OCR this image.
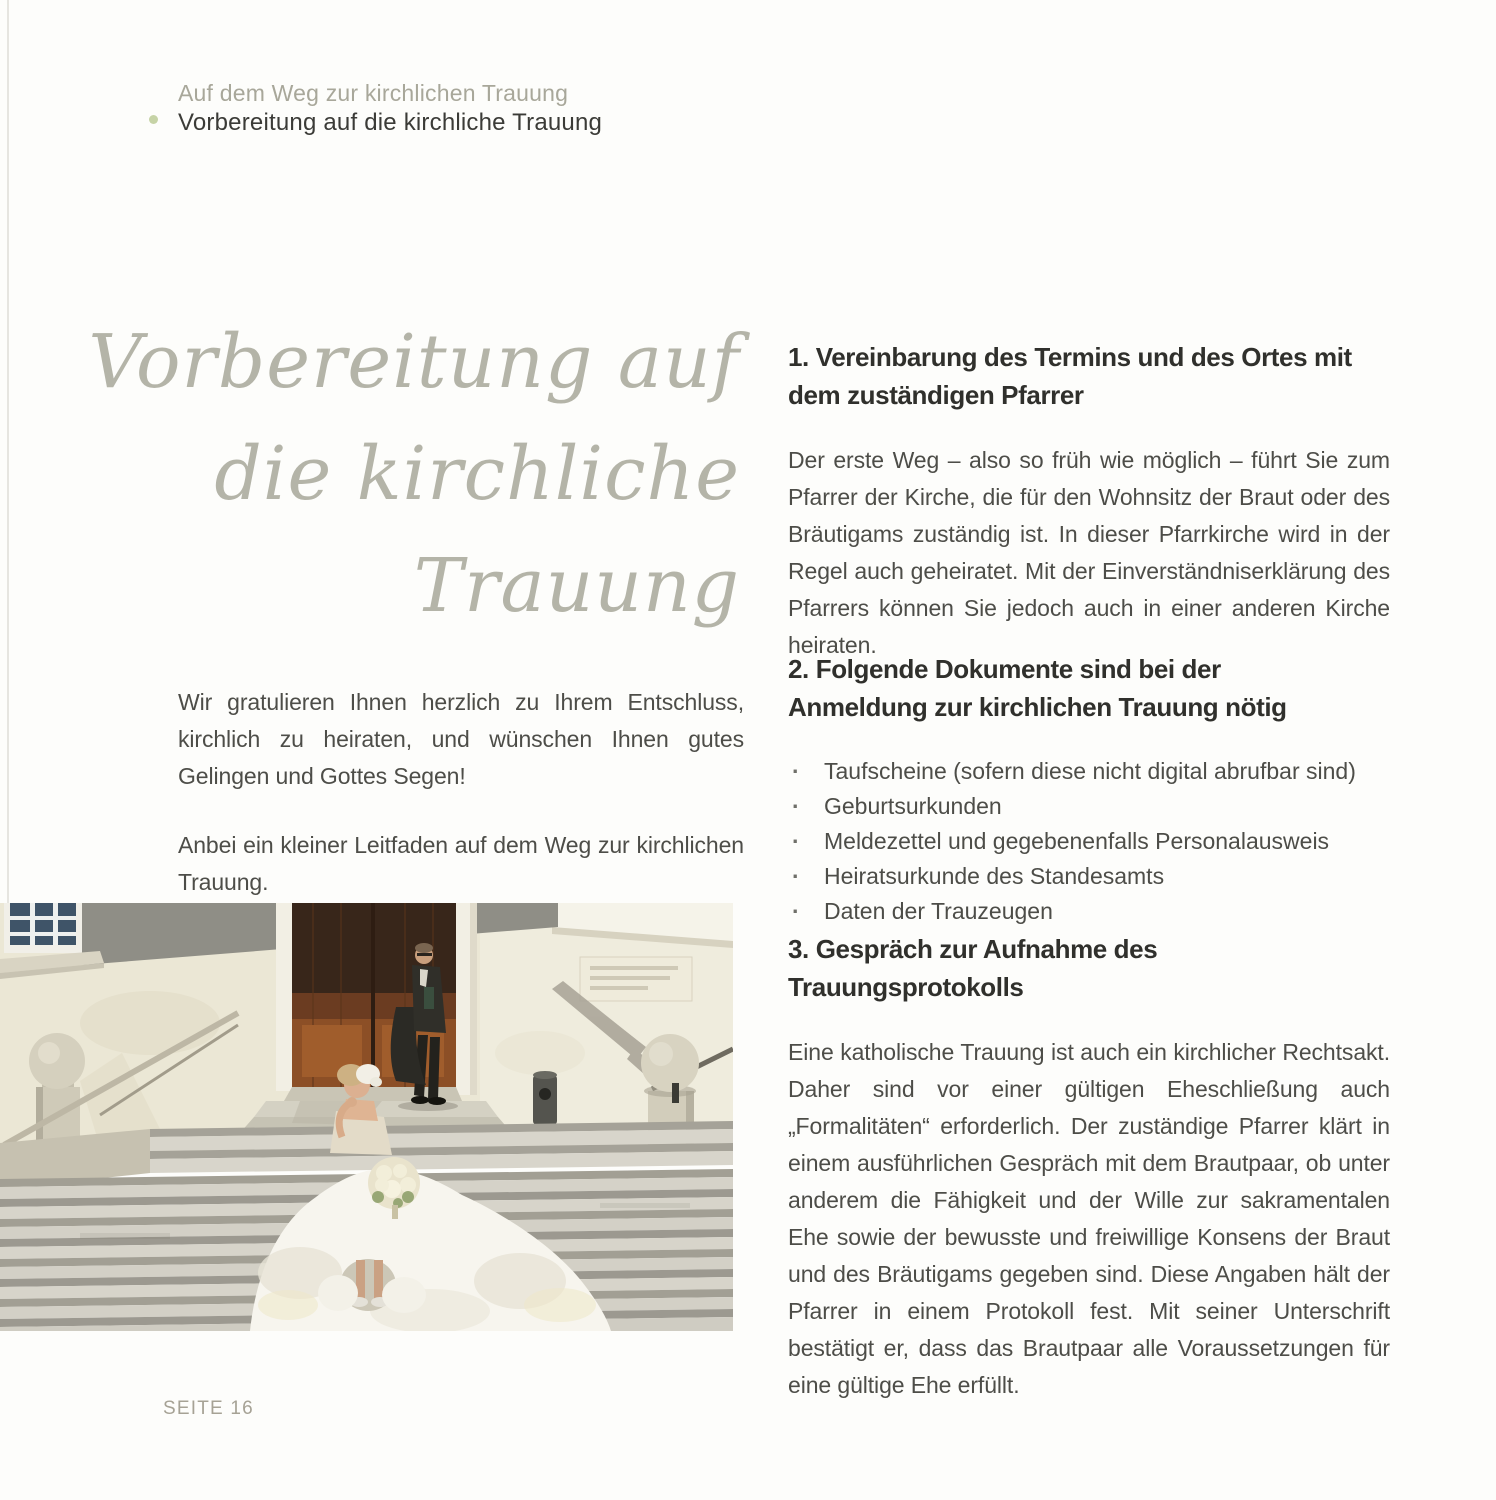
Auf dem Weg zur kirchlichen Trauung
Vorbereitung auf die kirchliche Trauung
Vorbereitung auf
die kirchliche
Trauung

Wir gratulieren Ihnen herzlich zu Ihrem Entschluss, kirchlich zu heiraten, und wünschen Ihnen gutes Gelingen und Gottes Segen!

Anbei ein kleiner Leitfaden auf dem Weg zur kirchlichen Trauung.

1. Vereinbarung des Termins und des Ortes mit
dem zuständigen Pfarrer

Der erste Weg – also so früh wie möglich – führt Sie zum Pfarrer der Kirche, die für den Wohnsitz der Braut oder des Bräutigams zuständig ist. In dieser Pfarrkirche wird in der Regel auch geheiratet. Mit der Einverständniserklärung des Pfarrers können Sie jedoch auch in einer anderen Kirche heiraten.

2. Folgende Dokumente sind bei der
Anmeldung zur kirchlichen Trauung nötig
· Taufscheine (sofern diese nicht digital abrufbar sind)
· Geburtsurkunden
· Meldezettel und gegebenenfalls Personalausweis
· Heiratsurkunde des Standesamts
· Daten der Trauzeugen
3. Gespräch zur Aufnahme des
Trauungsprotokolls

Eine katholische Trauung ist auch ein kirchlicher Rechtsakt. Daher sind vor einer gültigen Eheschließung auch „Formalitäten“ erforderlich. Der zuständige Pfarrer klärt in einem ausführlichen Gespräch mit dem Brautpaar, ob unter anderem die Fähigkeit und der Wille zur sakramentalen Ehe sowie der bewusste und freiwillige Konsens der Braut und des Bräutigams gegeben sind. Diese Angaben hält der Pfarrer in einem Protokoll fest. Mit seiner Unterschrift bestätigt er, dass das Brautpaar alle Voraussetzungen für eine gültige Ehe erfüllt.

SEITE 16
